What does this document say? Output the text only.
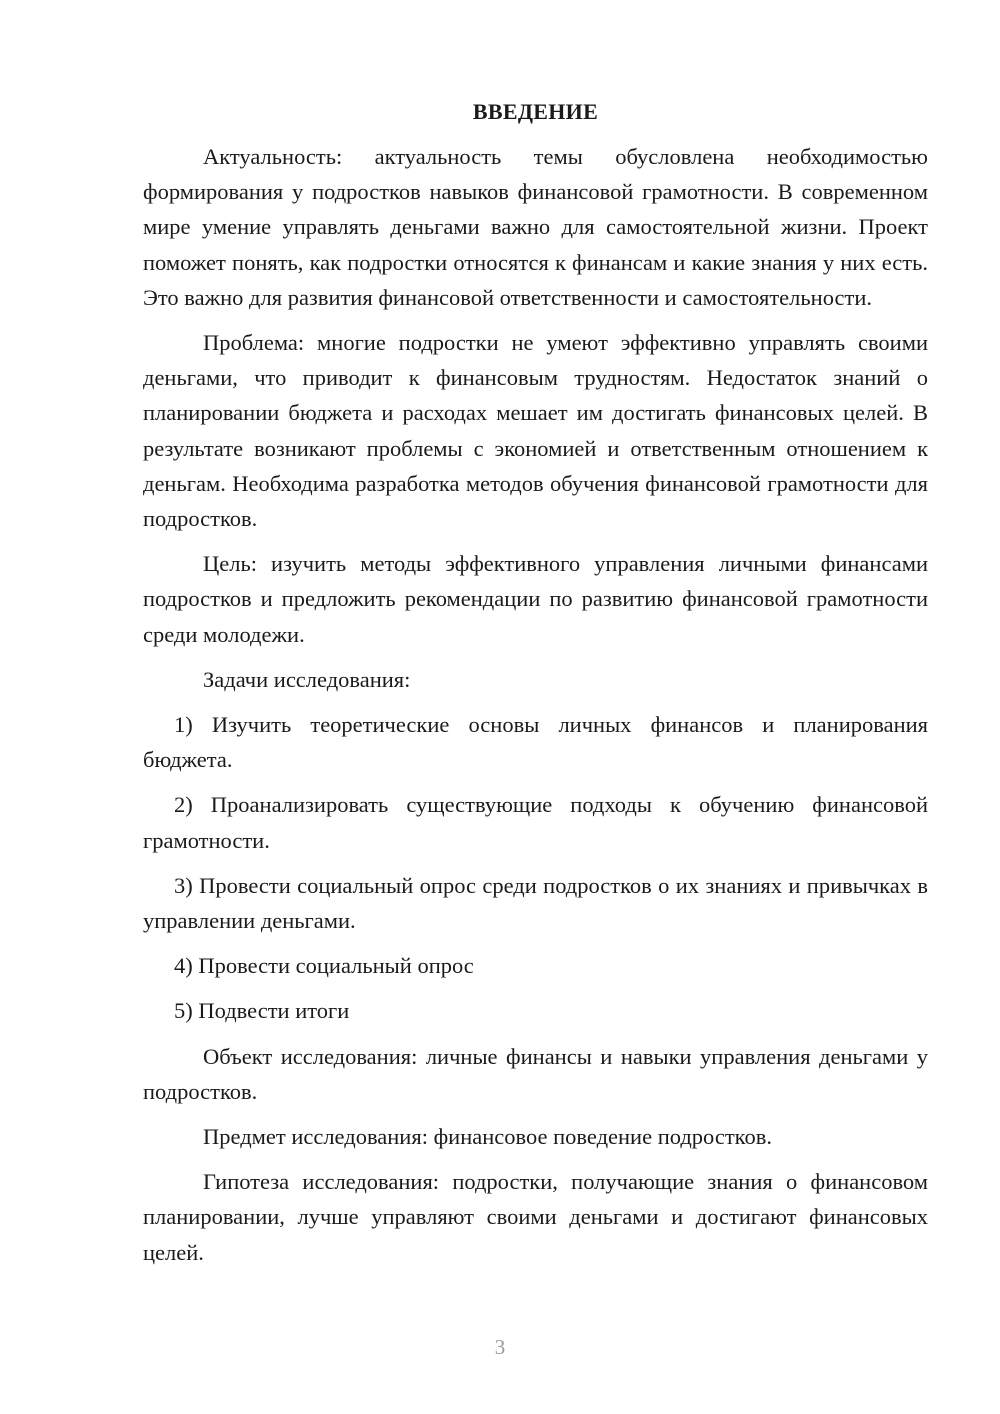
ВВЕДЕНИЕ

Актуальность: актуальность темы обусловлена необходимостью формирования у подростков навыков финансовой грамотности. В современном мире умение управлять деньгами важно для самостоятельной жизни. Проект поможет понять, как подростки относятся к финансам и какие знания у них есть. Это важно для развития финансовой ответственности и самостоятельности.

Проблема: многие подростки не умеют эффективно управлять своими деньгами, что приводит к финансовым трудностям. Недостаток знаний о планировании бюджета и расходах мешает им достигать финансовых целей. В результате возникают проблемы с экономией и ответственным отношением к деньгам. Необходима разработка методов обучения финансовой грамотности для подростков.

Цель: изучить методы эффективного управления личными финансами подростков и предложить рекомендации по развитию финансовой грамотности среди молодежи.

Задачи исследования:

1) Изучить теоретические основы личных финансов и планирования бюджета.

2) Проанализировать существующие подходы к обучению финансовой грамотности.

3) Провести социальный опрос среди подростков о их знаниях и привычках в управлении деньгами.

4) Провести социальный опрос

5) Подвести итоги

Объект исследования: личные финансы и навыки управления деньгами у подростков.

Предмет исследования: финансовое поведение подростков.

Гипотеза исследования: подростки, получающие знания о финансовом планировании, лучше управляют своими деньгами и достигают финансовых целей.

3
